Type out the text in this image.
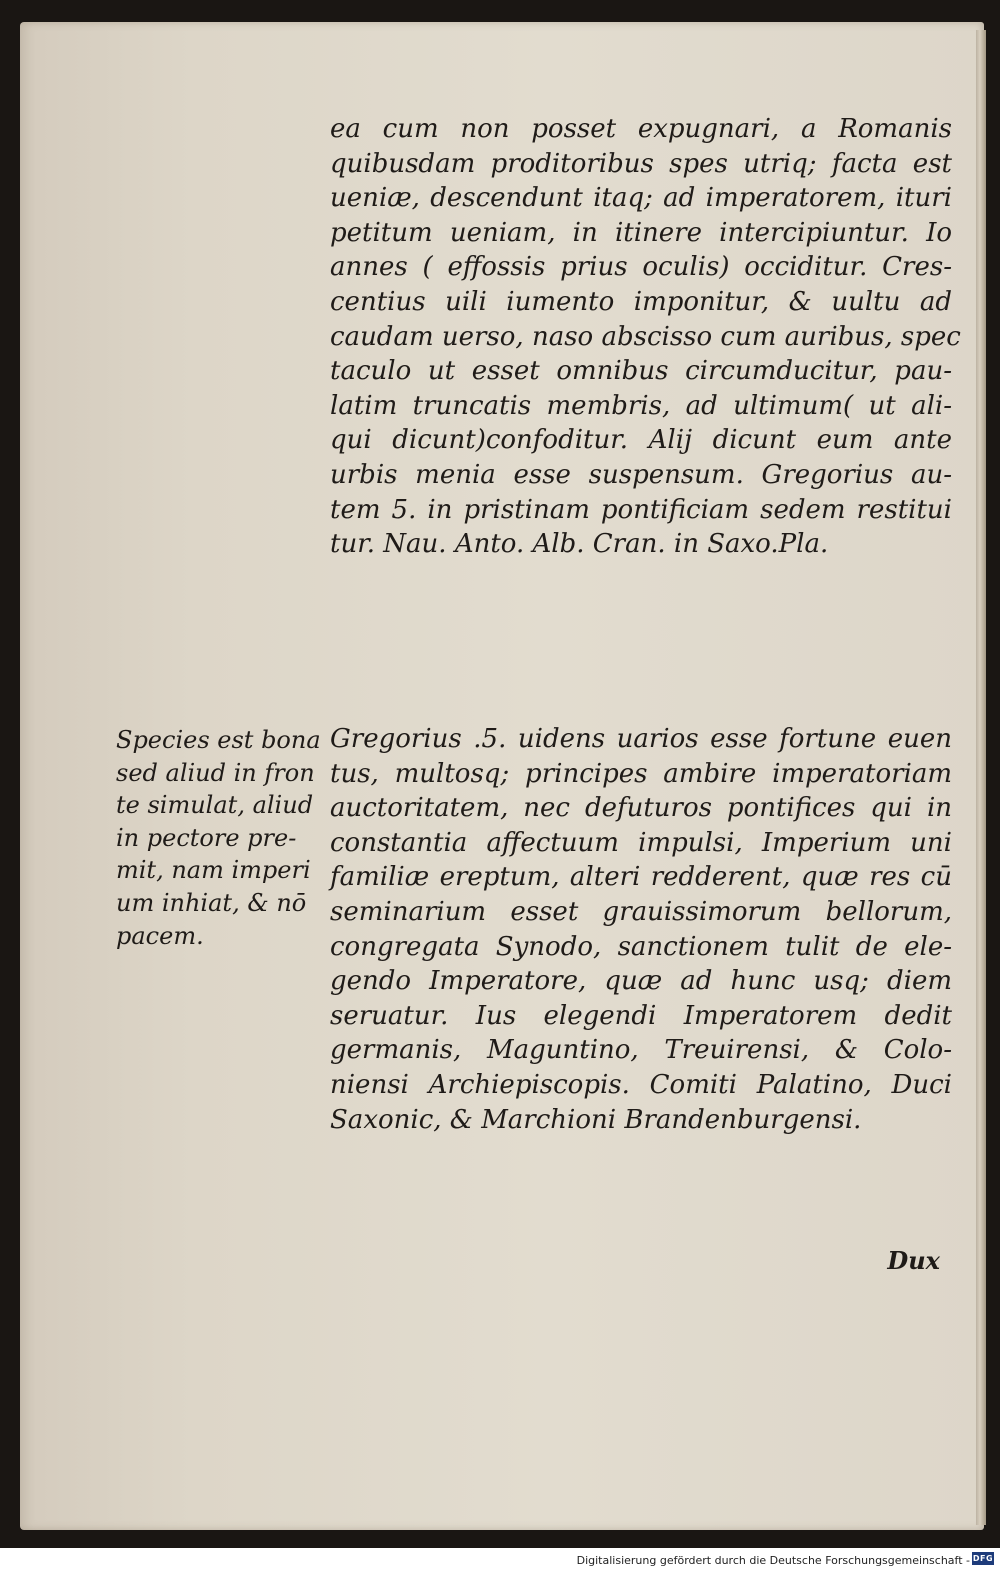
ea cum non posset expugnari, a Romanis
quibusdam proditoribus spes utriq; facta est
ueniæ, descendunt itaq; ad imperatorem, ituri
petitum ueniam, in itinere intercipiuntur. Io
annes ( effossis prius oculis) occiditur. Cres-
centius uili iumento imponitur, & uultu ad
caudam uerso, naso abscisso cum auribus, spec
taculo ut esset omnibus circumducitur, pau-
latim truncatis membris, ad ultimum( ut ali-
qui dicunt)confoditur. Alij dicunt eum ante
urbis menia esse suspensum. Gregorius au-
tem 5. in pristinam pontificiam sedem restitui
tur. Nau. Anto. Alb. Cran. in Saxo.Pla.
Gregorius .5. uidens uarios esse fortune euen
tus, multosq; principes ambire imperatoriam
auctoritatem, nec defuturos pontifices qui in
constantia affectuum impulsi, Imperium uni
familiæ ereptum, alteri redderent, quæ res cū
seminarium esset grauissimorum bellorum,
congregata Synodo, sanctionem tulit de ele-
gendo Imperatore, quæ ad hunc usq; diem
seruatur. Ius elegendi Imperatorem dedit
germanis, Maguntino, Treuirensi, & Colo-
niensi Archiepiscopis. Comiti Palatino, Duci
Saxonic, & Marchioni Brandenburgensi.
Species est bona
sed aliud in fron
te simulat, aliud
in pectore pre-
mit, nam imperi
um inhiat, & nō
pacem.
Dux
Digitalisierung gefördert durch die Deutsche Forschungsgemeinschaft - DFG
